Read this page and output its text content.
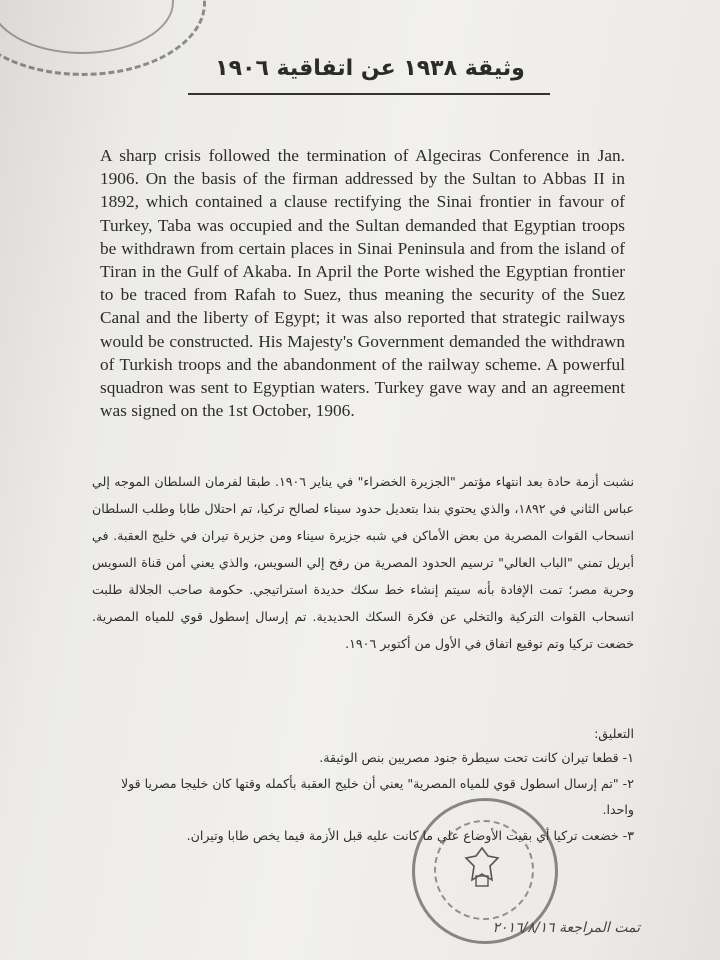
وثيقة ١٩٣٨ عن اتفاقية ١٩٠٦
A sharp crisis followed the termination of Algeciras Conference in Jan. 1906. On the basis of the firman addressed by the Sultan to Abbas II in 1892, which contained a clause rectifying the Sinai frontier in favour of Turkey, Taba was occupied and the Sultan demanded that Egyptian troops be withdrawn from certain places in Sinai Peninsula and from the island of Tiran in the Gulf of Akaba. In April the Porte wished the Egyptian frontier to be traced from Rafah to Suez, thus meaning the security of the Suez Canal and the liberty of Egypt; it was also reported that strategic railways would be constructed. His Majesty's Government demanded the withdrawn of Turkish troops and the abandonment of the railway scheme. A powerful squadron was sent to Egyptian waters. Turkey gave way and an agreement was signed on the 1st October, 1906.
نشبت أزمة حادة بعد انتهاء مؤتمر "الجزيرة الخضراء" في يناير ١٩٠٦. طبقا لفرمان السلطان الموجه إلي عباس الثاني في ١٨٩٢، والذي يحتوي بندا بتعديل حدود سيناء لصالح تركيا، تم احتلال طابا وطلب السلطان انسحاب القوات المصرية من بعض الأماكن في شبه جزيرة سيناء ومن جزيرة تيران في خليج العقبة. في أبريل تمني "الباب العالي" ترسيم الحدود المصرية من رفح إلي السويس، والذي يعني أمن قناة السويس وحرية مصر؛ تمت الإفادة بأنه سيتم إنشاء خط سكك حديدة استراتيجي. حكومة صاحب الجلالة طلبت انسحاب القوات التركية والتخلي عن فكرة السكك الحديدية. تم إرسال إسطول قوي للمياه المصرية. خضعت تركيا وتم توقيع اتفاق في الأول من أكتوبر ١٩٠٦.
التعليق:
١- قطعا تيران كانت تحت سيطرة جنود مصريين بنص الوثيقة.
٢- "تم إرسال اسطول قوي للمياه المصرية" يعني أن خليج العقبة بأكمله وقتها كان خليجا مصريا قولا واحدا.
٣- خضعت تركيا أي بقيت الأوضاع علي ما كانت عليه قبل الأزمة فيما يخص طابا وتيران.
تمت المراجعة ٢٠١٦/٨/١٦
